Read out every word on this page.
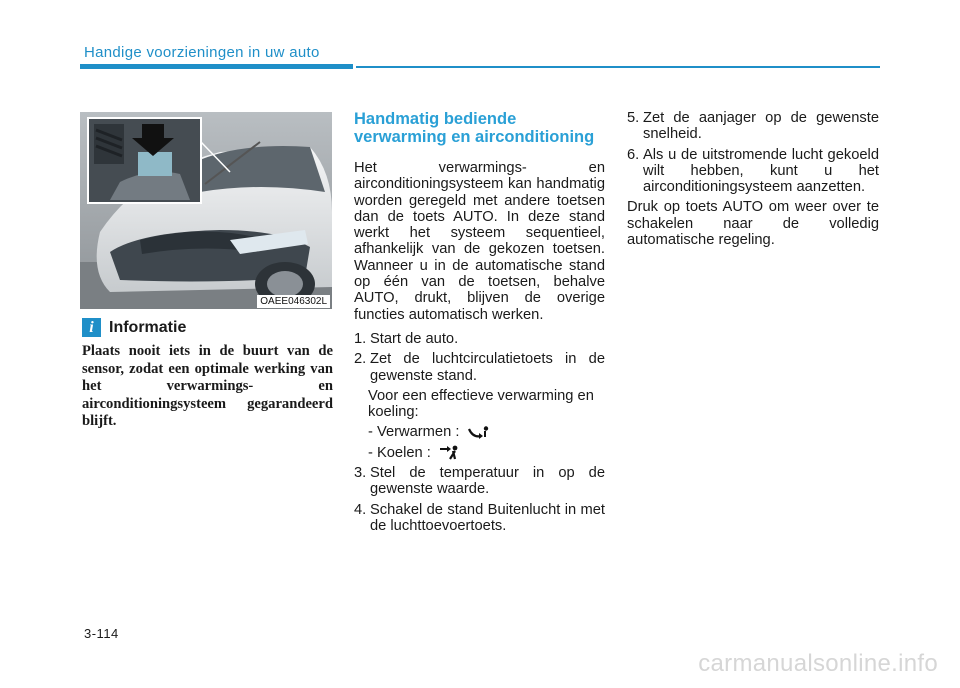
Handige voorzieningen in uw auto
OAEE046302L
i Informatie
Plaats nooit iets in de buurt van de sensor, zodat een optimale werking van het verwarmings- en airconditioningsysteem gegarandeerd blijft.
Handmatig bediende verwarming en airconditioning

Het verwarmings- en airconditioningsysteem kan handmatig worden geregeld met andere toetsen dan de toets AUTO. In deze stand werkt het systeem sequentieel, afhankelijk van de gekozen toetsen. Wanneer u in de automatische stand op één van de toetsen, behalve AUTO, drukt, blijven de overige functies automatisch werken.

1. Start de auto.

2. Zet de luchtcirculatietoets in de gewenste stand.

Voor een effectieve verwarming en koeling:

- Verwarmen :

- Koelen :

3. Stel de temperatuur in op de gewenste waarde.

4. Schakel de stand Buitenlucht in met de luchttoevoertoets.

5. Zet de aanjager op de gewenste snelheid.

6. Als u de uitstromende lucht gekoeld wilt hebben, kunt u het airconditioningsysteem aanzetten.

Druk op toets AUTO om weer over te schakelen naar de volledig automatische regeling.

3-114
carmanualsonline.info
